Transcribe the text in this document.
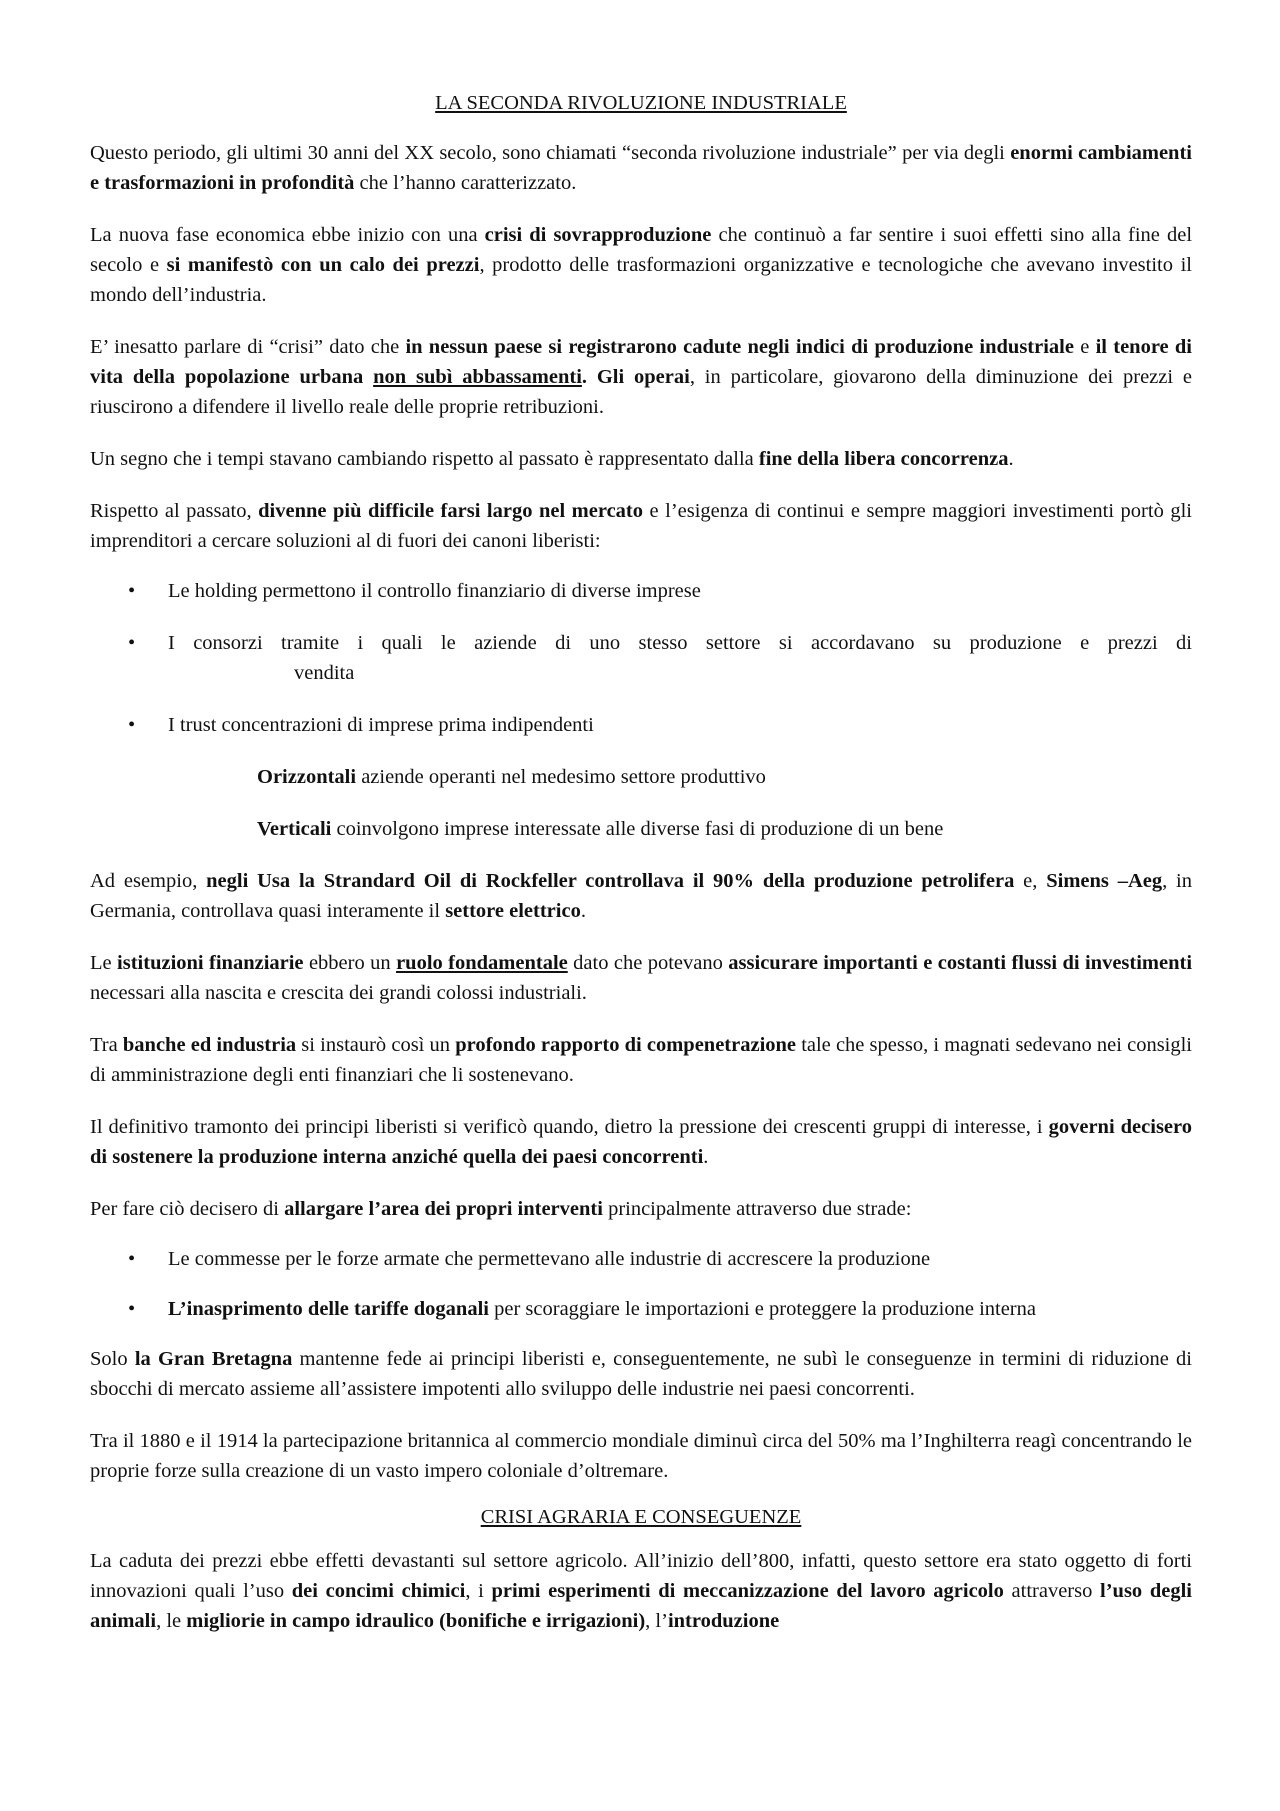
LA SECONDA RIVOLUZIONE INDUSTRIALE

Questo periodo, gli ultimi 30 anni del XX secolo, sono chiamati “seconda rivoluzione industriale” per via degli enormi cambiamenti e trasformazioni in profondità che l’hanno caratterizzato.

La nuova fase economica ebbe inizio con una crisi di sovrapproduzione che continuò a far sentire i suoi effetti sino alla fine del secolo e si manifestò con un calo dei prezzi, prodotto delle trasformazioni organizzative e tecnologiche che avevano investito il mondo dell’industria.

E’ inesatto parlare di “crisi” dato che in nessun paese si registrarono cadute negli indici di produzione industriale e il tenore di vita della popolazione urbana non subì abbassamenti. Gli operai, in particolare, giovarono della diminuzione dei prezzi e riuscirono a difendere il livello reale delle proprie retribuzioni.

Un segno che i tempi stavano cambiando rispetto al passato è rappresentato dalla fine della libera concorrenza.

Rispetto al passato, divenne più difficile farsi largo nel mercato e l’esigenza di continui e sempre maggiori investimenti portò gli imprenditori a cercare soluzioni al di fuori dei canoni liberisti:

• Le holding permettono il controllo finanziario di diverse imprese
• I consorzi tramite i quali le aziende di uno stesso settore si accordavano su produzione e prezzi di
vendita
• I trust concentrazioni di imprese prima indipendenti
Orizzontali aziende operanti nel medesimo settore produttivo
Verticali coinvolgono imprese interessate alle diverse fasi di produzione di un bene

Ad esempio, negli Usa la Strandard Oil di Rockfeller controllava il 90% della produzione petrolifera e, Simens –Aeg, in Germania, controllava quasi interamente il settore elettrico.

Le istituzioni finanziarie ebbero un ruolo fondamentale dato che potevano assicurare importanti e costanti flussi di investimenti necessari alla nascita e crescita dei grandi colossi industriali.

Tra banche ed industria si instaurò così un profondo rapporto di compenetrazione tale che spesso, i magnati sedevano nei consigli di amministrazione degli enti finanziari che li sostenevano.

Il definitivo tramonto dei principi liberisti si verificò quando, dietro la pressione dei crescenti gruppi di interesse, i governi decisero di sostenere la produzione interna anziché quella dei paesi concorrenti.

Per fare ciò decisero di allargare l’area dei propri interventi principalmente attraverso due strade:

• Le commesse per le forze armate che permettevano alle industrie di accrescere la produzione
• L’inasprimento delle tariffe doganali per scoraggiare le importazioni e proteggere la produzione interna

Solo la Gran Bretagna mantenne fede ai principi liberisti e, conseguentemente, ne subì le conseguenze in termini di riduzione di sbocchi di mercato assieme all’assistere impotenti allo sviluppo delle industrie nei paesi concorrenti.

Tra il 1880 e il 1914 la partecipazione britannica al commercio mondiale diminuì circa del 50% ma l’Inghilterra reagì concentrando le proprie forze sulla creazione di un vasto impero coloniale d’oltremare.

CRISI AGRARIA E CONSEGUENZE

La caduta dei prezzi ebbe effetti devastanti sul settore agricolo. All’inizio dell’800, infatti, questo settore era stato oggetto di forti innovazioni quali l’uso dei concimi chimici, i primi esperimenti di meccanizzazione del lavoro agricolo attraverso l’uso degli animali, le migliorie in campo idraulico (bonifiche e irrigazioni), l’introduzione
